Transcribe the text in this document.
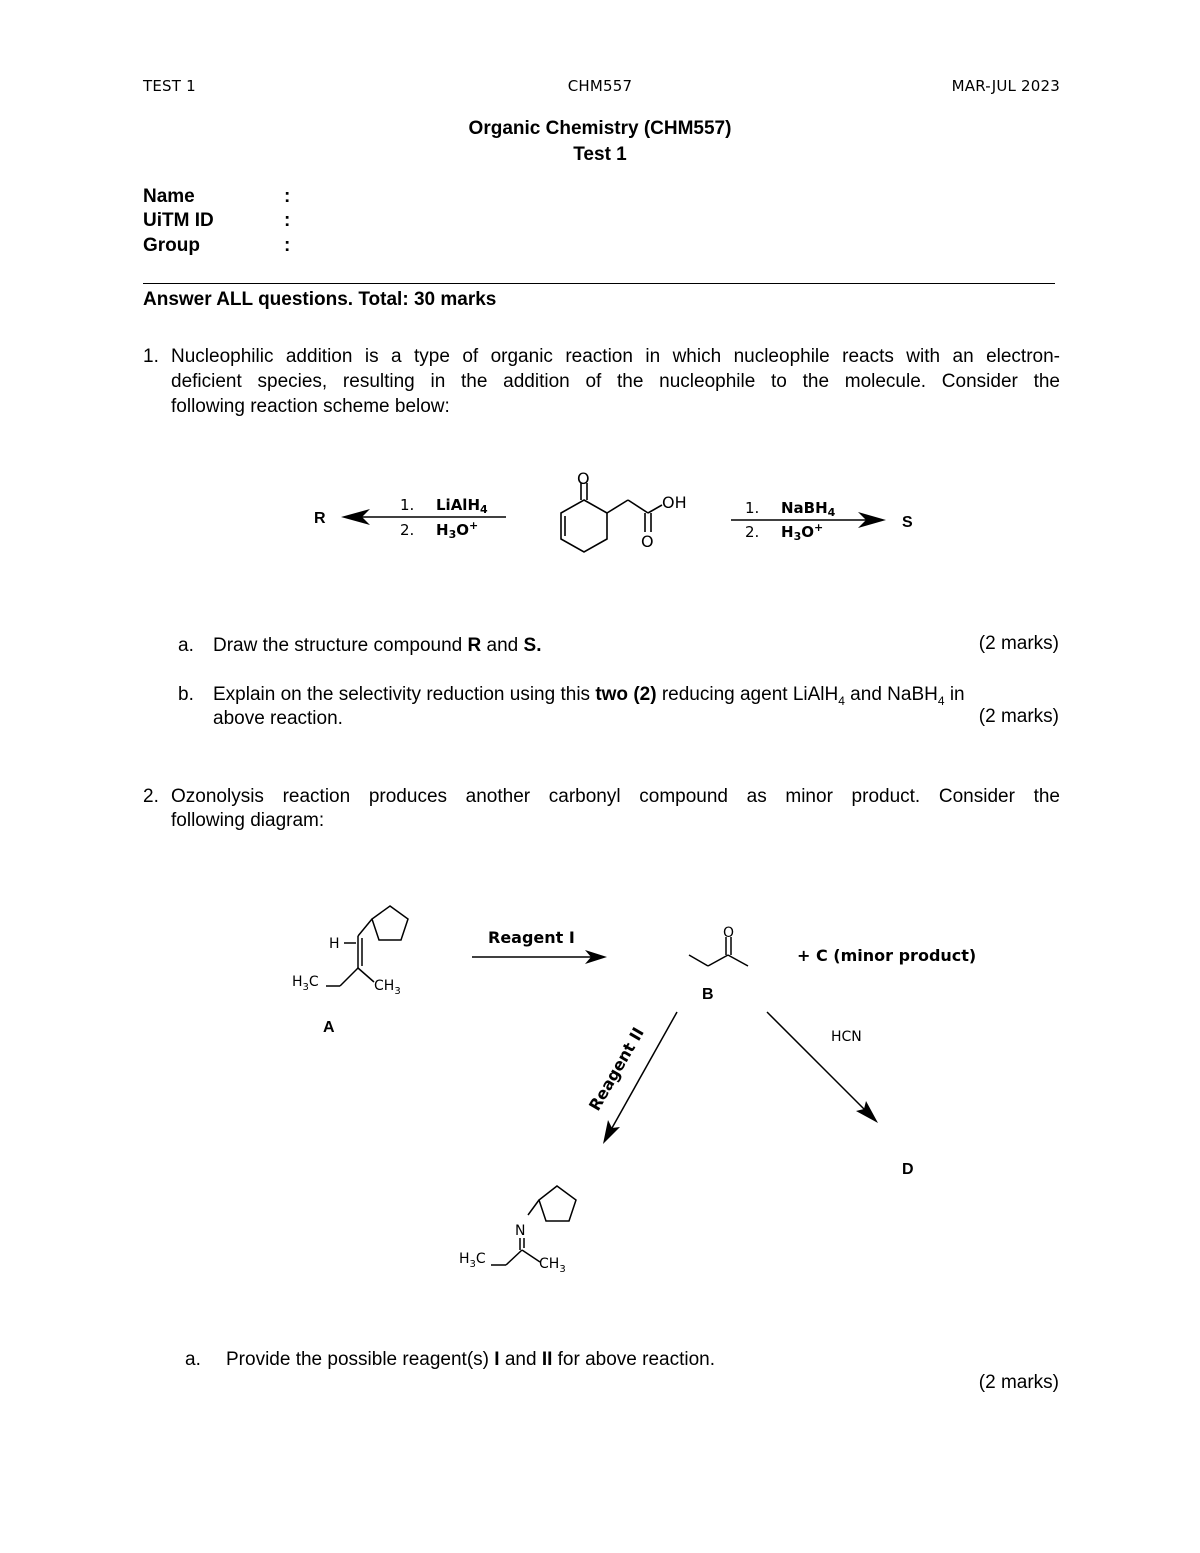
TEST 1	CHM557	MAR-JUL 2023
Organic Chemistry (CHM557)
Test 1
Name	:
UiTM ID	:
Group	:
Answer ALL questions. Total: 30 marks
1. Nucleophilic addition is a type of organic reaction in which nucleophile reacts with an electron-
deficient species, resulting in the addition of the nucleophile to the molecule. Consider the
following reaction scheme below:
R
1. LiAlH$_4$
2. $H_3O^+$
O
OH
O
S
1. NaBH$_4$
2. $H_3O^+$
a. Draw the structure compound R and S.	(2 marks)
b. Explain on the selectivity reduction using this two (2) reducing agent LiAlH$_4$ and NaBH$_4$ in
above reaction.	(2 marks)
2. Ozonolysis reaction produces another carbonyl compound as minor product. Consider the
following diagram:
H
$H_3C$	$CH_3$
A
Reagent I	O
B
+ C (minor product)
Reagent II	HCN
D
N
$H_3C$	$CH_3$
a. Provide the possible reagent(s) I and II for above reaction.
(2 marks)
